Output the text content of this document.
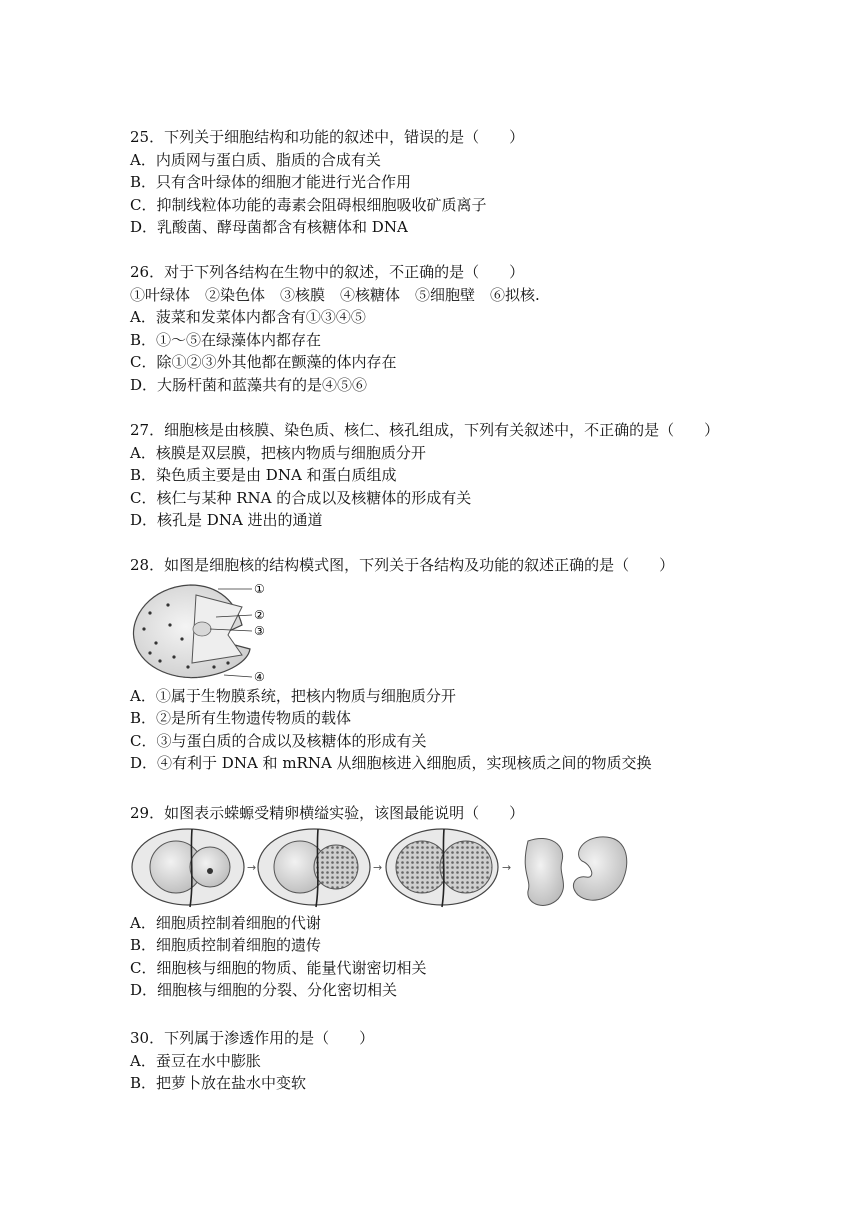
25．下列关于细胞结构和功能的叙述中，错误的是（　　）
A．内质网与蛋白质、脂质的合成有关
B．只有含叶绿体的细胞才能进行光合作用
C．抑制线粒体功能的毒素会阻碍根细胞吸收矿质离子
D．乳酸菌、酵母菌都含有核糖体和 DNA
26．对于下列各结构在生物中的叙述，不正确的是（　　）
①叶绿体　②染色体　③核膜　④核糖体　⑤细胞壁　⑥拟核.
A．菠菜和发菜体内都含有①③④⑤
B．①～⑤在绿藻体内都存在
C．除①②③外其他都在颤藻的体内存在
D．大肠杆菌和蓝藻共有的是④⑤⑥
27．细胞核是由核膜、染色质、核仁、核孔组成，下列有关叙述中，不正确的是（　　）
A．核膜是双层膜，把核内物质与细胞质分开
B．染色质主要是由 DNA 和蛋白质组成
C．核仁与某种 RNA 的合成以及核糖体的形成有关
D．核孔是 DNA 进出的通道
28．如图是细胞核的结构模式图，下列关于各结构及功能的叙述正确的是（　　）
①
②
③
④
A．①属于生物膜系统，把核内物质与细胞质分开
B．②是所有生物遗传物质的载体
C．③与蛋白质的合成以及核糖体的形成有关
D．④有利于 DNA 和 mRNA 从细胞核进入细胞质，实现核质之间的物质交换
29．如图表示蝾螈受精卵横缢实验，该图最能说明（　　）
→	→	→
A．细胞质控制着细胞的代谢
B．细胞质控制着细胞的遗传
C．细胞核与细胞的物质、能量代谢密切相关
D．细胞核与细胞的分裂、分化密切相关
30．下列属于渗透作用的是（　　）
A．蚕豆在水中膨胀
B．把萝卜放在盐水中变软
